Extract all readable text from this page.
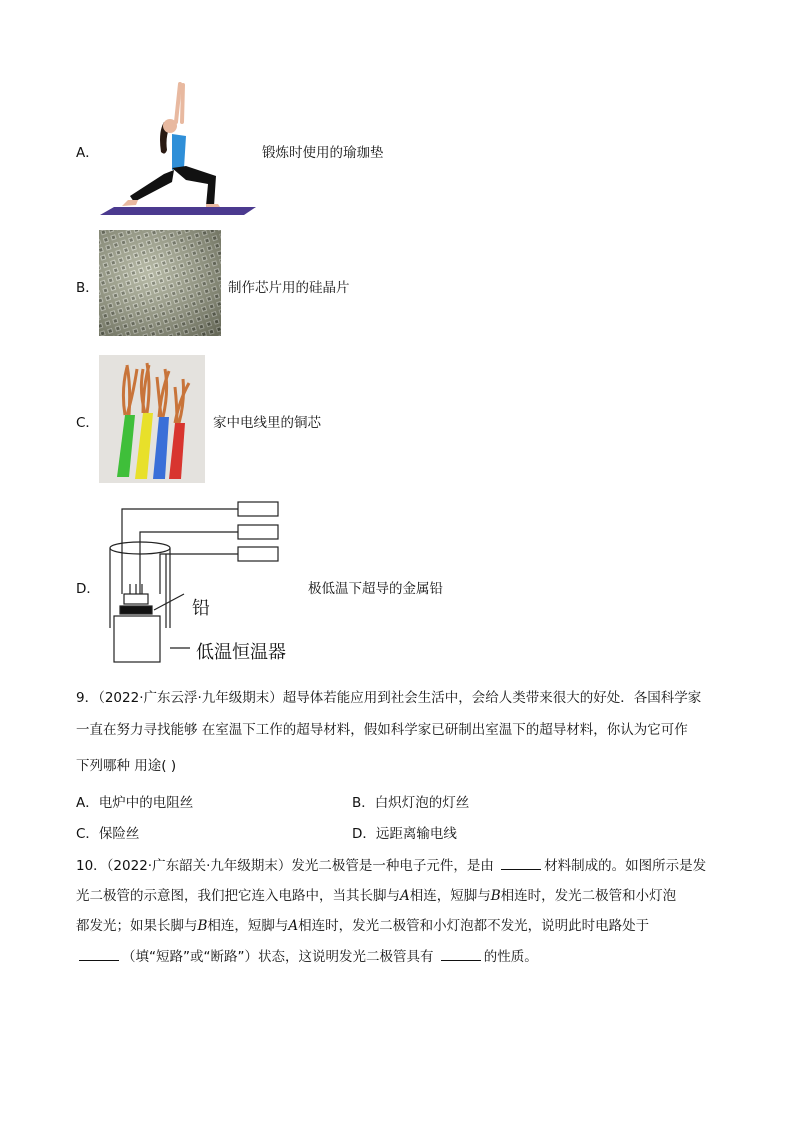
A．	锻炼时使用的瑜珈垫
B．	制作芯片用的硅晶片
C．	家中电线里的铜芯
D．
铅
低温恒温器
极低温下超导的金属铅
9．（2022·广东云浮·九年级期末）超导体若能应用到社会生活中，会给人类带来很大的好处．各国科学家
一直在努力寻找能够 在室温下工作的超导材料，假如科学家已研制出室温下的超导材料，你认为它可作
下列哪种 用途( )
A．电炉中的电阻丝	B．白炽灯泡的灯丝
C．保险丝	D．远距离输电线
10．（2022·广东韶关·九年级期末）发光二极管是一种电子元件，是由	材料制成的。如图所示是发
光二极管的示意图，我们把它连入电路中，当其长脚与A相连，短脚与B相连时，发光二极管和小灯泡
都发光；如果长脚与B相连，短脚与A相连时，发光二极管和小灯泡都不发光，说明此时电路处于
（填“短路”或“断路”）状态，这说明发光二极管具有	的性质。
